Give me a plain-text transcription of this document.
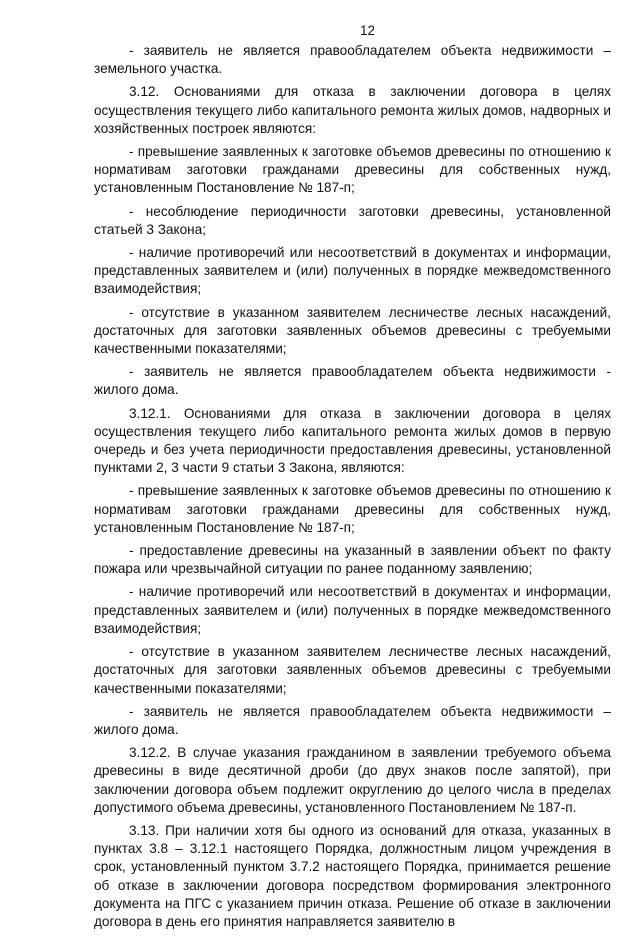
12

- заявитель не является правообладателем объекта недвижимости – земельного участка.

3.12. Основаниями для отказа в заключении договора в целях осуществления текущего либо капитального ремонта жилых домов, надворных и хозяйственных построек являются:

- превышение заявленных к заготовке объемов древесины по отношению к нормативам заготовки гражданами древесины для собственных нужд, установленным Постановление № 187-п;

- несоблюдение периодичности заготовки древесины, установленной статьей 3 Закона;

- наличие противоречий или несоответствий в документах и информации, представленных заявителем и (или) полученных в порядке межведомственного взаимодействия;

- отсутствие в указанном заявителем лесничестве лесных насаждений, достаточных для заготовки заявленных объемов древесины с требуемыми качественными показателями;

- заявитель не является правообладателем объекта недвижимости - жилого дома.

3.12.1. Основаниями для отказа в заключении договора в целях осуществления текущего либо капитального ремонта жилых домов в первую очередь и без учета периодичности предоставления древесины, установленной пунктами 2, 3 части 9 статьи 3 Закона, являются:

- превышение заявленных к заготовке объемов древесины по отношению к нормативам заготовки гражданами древесины для собственных нужд, установленным Постановление № 187-п;

- предоставление древесины на указанный в заявлении объект по факту пожара или чрезвычайной ситуации по ранее поданному заявлению;

- наличие противоречий или несоответствий в документах и информации, представленных заявителем и (или) полученных в порядке межведомственного взаимодействия;

- отсутствие в указанном заявителем лесничестве лесных насаждений, достаточных для заготовки заявленных объемов древесины с требуемыми качественными показателями;

- заявитель не является правообладателем объекта недвижимости – жилого дома.

3.12.2. В случае указания гражданином в заявлении требуемого объема древесины в виде десятичной дроби (до двух знаков после запятой), при заключении договора объем подлежит округлению до целого числа в пределах допустимого объема древесины, установленного Постановлением № 187-п.

3.13. При наличии хотя бы одного из оснований для отказа, указанных в пунктах 3.8 – 3.12.1 настоящего Порядка, должностным лицом учреждения в срок, установленный пунктом 3.7.2 настоящего Порядка, принимается решение об отказе в заключении договора посредством формирования электронного документа на ПГС с указанием причин отказа. Решение об отказе в заключении договора в день его принятия направляется заявителю в
